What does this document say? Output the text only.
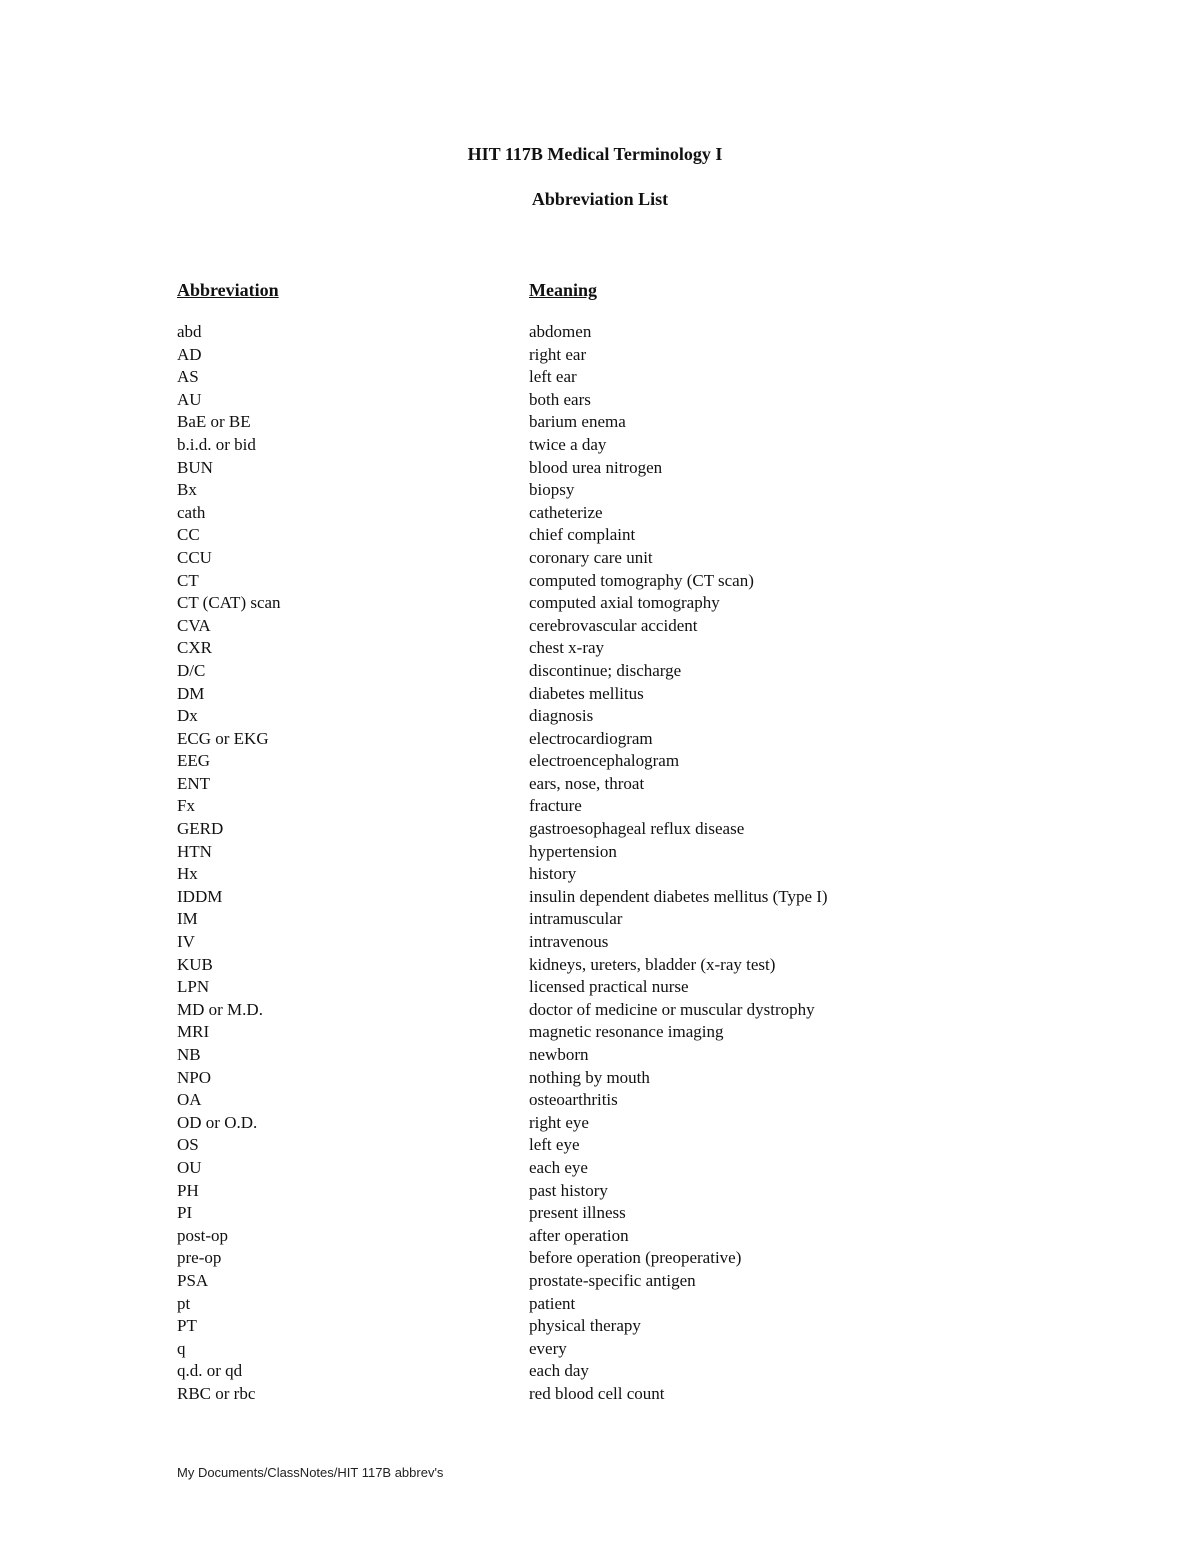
HIT 117B Medical Terminology I
Abbreviation List
Abbreviation	Meaning
abd	abdomen
AD	right ear
AS	left ear
AU	both ears
BaE or BE	barium enema
b.i.d. or bid	twice a day
BUN	blood urea nitrogen
Bx	biopsy
cath	catheterize
CC	chief complaint
CCU	coronary care unit
CT	computed tomography (CT scan)
CT (CAT) scan	computed axial tomography
CVA	cerebrovascular accident
CXR	chest x-ray
D/C	discontinue; discharge
DM	diabetes mellitus
Dx	diagnosis
ECG or EKG	electrocardiogram
EEG	electroencephalogram
ENT	ears, nose, throat
Fx	fracture
GERD	gastroesophageal reflux disease
HTN	hypertension
Hx	history
IDDM	insulin dependent diabetes mellitus (Type I)
IM	intramuscular
IV	intravenous
KUB	kidneys, ureters, bladder (x-ray test)
LPN	licensed practical nurse
MD or M.D.	doctor of medicine or muscular dystrophy
MRI	magnetic resonance imaging
NB	newborn
NPO	nothing by mouth
OA	osteoarthritis
OD or O.D.	right eye
OS	left eye
OU	each eye
PH	past history
PI	present illness
post-op	after operation
pre-op	before operation (preoperative)
PSA	prostate-specific antigen
pt	patient
PT	physical therapy
q	every
q.d. or qd	each day
RBC or rbc	red blood cell count
My Documents/ClassNotes/HIT 117B abbrev's
